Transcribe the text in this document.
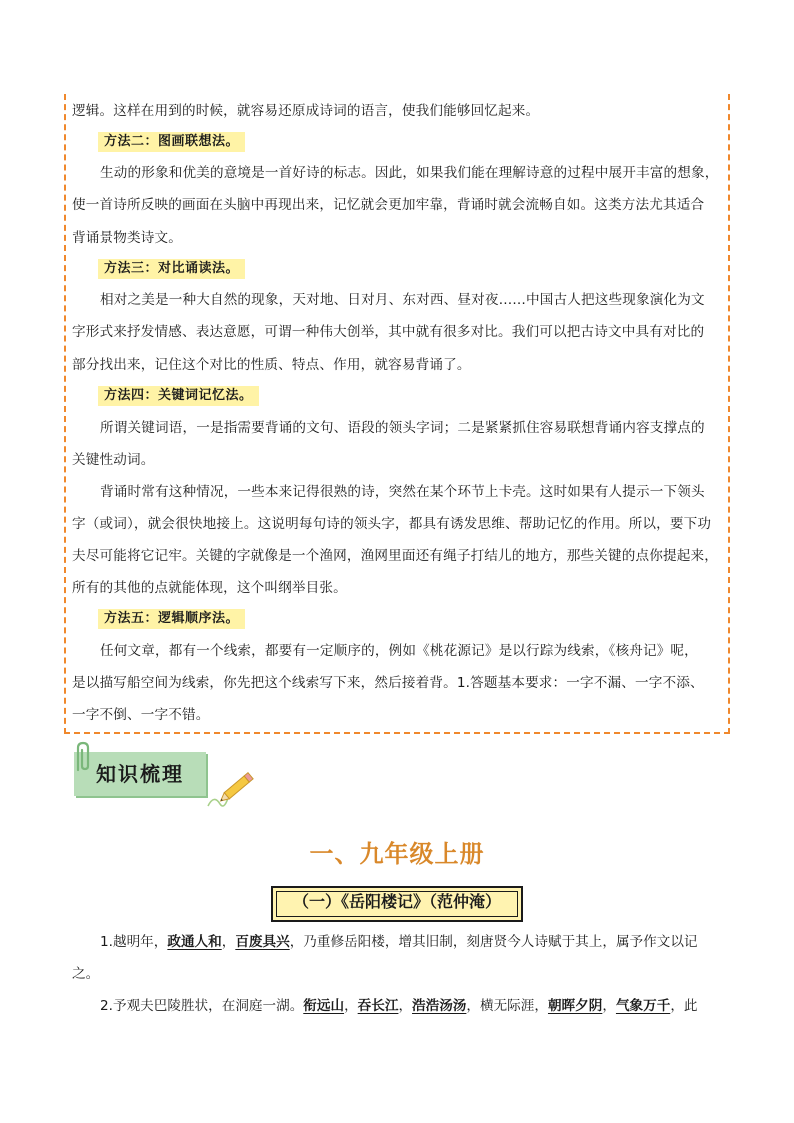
逻辑。这样在用到的时候，就容易还原成诗词的语言，使我们能够回忆起来。
方法二：图画联想法。
生动的形象和优美的意境是一首好诗的标志。因此，如果我们能在理解诗意的过程中展开丰富的想象，
使一首诗所反映的画面在头脑中再现出来，记忆就会更加牢靠，背诵时就会流畅自如。这类方法尤其适合
背诵景物类诗文。
方法三：对比诵读法。
相对之美是一种大自然的现象，天对地、日对月、东对西、昼对夜……中国古人把这些现象演化为文
字形式来抒发情感、表达意愿，可谓一种伟大创举，其中就有很多对比。我们可以把古诗文中具有对比的
部分找出来，记住这个对比的性质、特点、作用，就容易背诵了。
方法四：关键词记忆法。
所谓关键词语，一是指需要背诵的文句、语段的领头字词；二是紧紧抓住容易联想背诵内容支撑点的
关键性动词。
背诵时常有这种情况，一些本来记得很熟的诗，突然在某个环节上卡壳。这时如果有人提示一下领头
字（或词），就会很快地接上。这说明每句诗的领头字，都具有诱发思维、帮助记忆的作用。所以，要下功
夫尽可能将它记牢。关键的字就像是一个渔网，渔网里面还有绳子打结儿的地方，那些关键的点你提起来，
所有的其他的点就能体现，这个叫纲举目张。
方法五：逻辑顺序法。
任何文章，都有一个线索，都要有一定顺序的，例如《桃花源记》是以行踪为线索，《核舟记》呢，
是以描写船空间为线索，你先把这个线索写下来，然后接着背。1.答题基本要求：一字不漏、一字不添、
一字不倒、一字不错。
知识梳理
一、九年级上册
（一）《岳阳楼记》（范仲淹）
1.越明年，政通人和，百废具兴，乃重修岳阳楼，增其旧制，刻唐贤今人诗赋于其上，属予作文以记
之。
2.予观夫巴陵胜状，在洞庭一湖。衔远山，吞长江，浩浩汤汤，横无际涯，朝晖夕阴，气象万千，此
